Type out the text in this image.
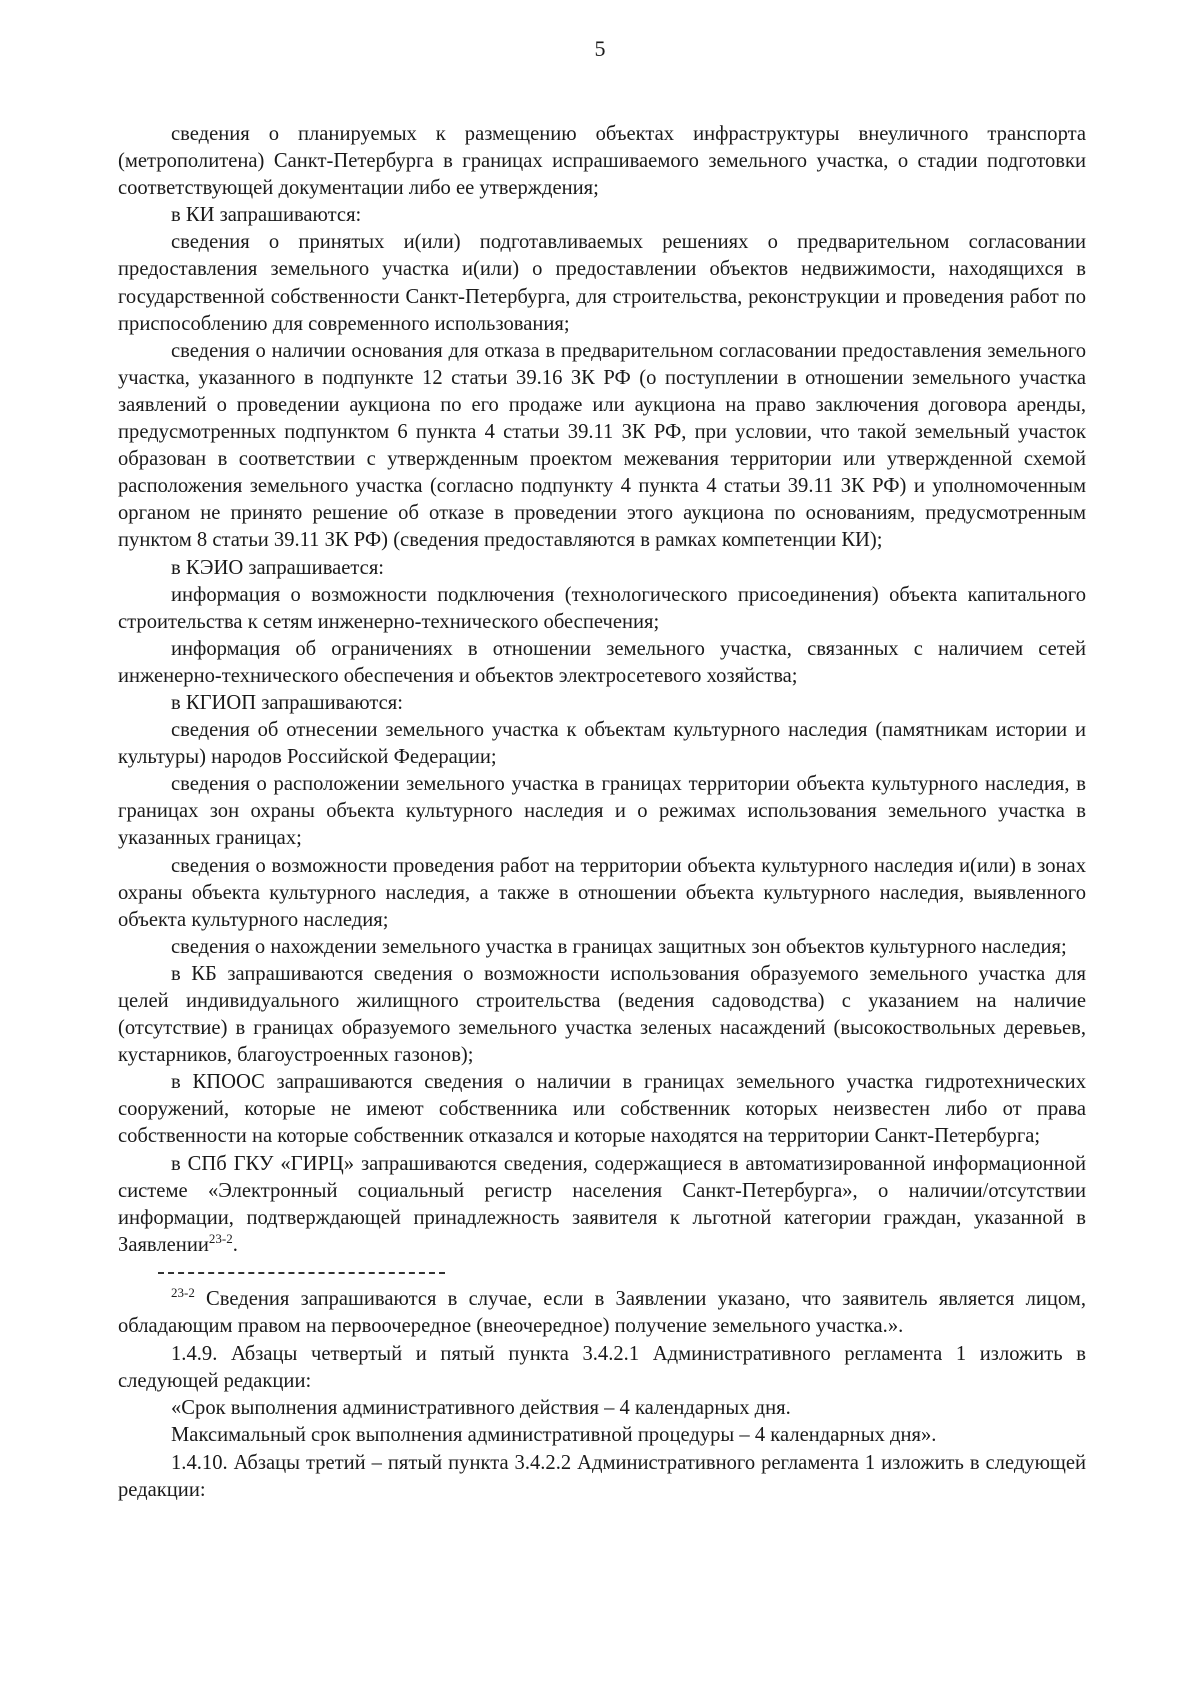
5

сведения о планируемых к размещению объектах инфраструктуры внеуличного транспорта (метрополитена) Санкт-Петербурга в границах испрашиваемого земельного участка, о стадии подготовки соответствующей документации либо ее утверждения;

в КИ запрашиваются:

сведения о принятых и(или) подготавливаемых решениях о предварительном согласовании предоставления земельного участка и(или) о предоставлении объектов недвижимости, находящихся в государственной собственности Санкт-Петербурга, для строительства, реконструкции и проведения работ по приспособлению для современного использования;

сведения о наличии основания для отказа в предварительном согласовании предоставления земельного участка, указанного в подпункте 12 статьи 39.16 ЗК РФ (о поступлении в отношении земельного участка заявлений о проведении аукциона по его продаже или аукциона на право заключения договора аренды, предусмотренных подпунктом 6 пункта 4 статьи 39.11 ЗК РФ, при условии, что такой земельный участок образован в соответствии с утвержденным проектом межевания территории или утвержденной схемой расположения земельного участка (согласно подпункту 4 пункта 4 статьи 39.11 ЗК РФ) и уполномоченным органом не принято решение об отказе в проведении этого аукциона по основаниям, предусмотренным пунктом 8 статьи 39.11 ЗК РФ) (сведения предоставляются в рамках компетенции КИ);

в КЭИО запрашивается:

информация о возможности подключения (технологического присоединения) объекта капитального строительства к сетям инженерно-технического обеспечения;

информация об ограничениях в отношении земельного участка, связанных с наличием сетей инженерно-технического обеспечения и объектов электросетевого хозяйства;

в КГИОП запрашиваются:

сведения об отнесении земельного участка к объектам культурного наследия (памятникам истории и культуры) народов Российской Федерации;

сведения о расположении земельного участка в границах территории объекта культурного наследия, в границах зон охраны объекта культурного наследия и о режимах использования земельного участка в указанных границах;

сведения о возможности проведения работ на территории объекта культурного наследия и(или) в зонах охраны объекта культурного наследия, а также в отношении объекта культурного наследия, выявленного объекта культурного наследия;

сведения о нахождении земельного участка в границах защитных зон объектов культурного наследия;

в КБ запрашиваются сведения о возможности использования образуемого земельного участка для целей индивидуального жилищного строительства (ведения садоводства) с указанием на наличие (отсутствие) в границах образуемого земельного участка зеленых насаждений (высокоствольных деревьев, кустарников, благоустроенных газонов);

в КПООС запрашиваются сведения о наличии в границах земельного участка гидротехнических сооружений, которые не имеют собственника или собственник которых неизвестен либо от права собственности на которые собственник отказался и которые находятся на территории Санкт-Петербурга;

в СПб ГКУ «ГИРЦ» запрашиваются сведения, содержащиеся в автоматизированной информационной системе «Электронный социальный регистр населения Санкт-Петербурга», о наличии/отсутствии информации, подтверждающей принадлежность заявителя к льготной категории граждан, указанной в Заявлении$^{23-2}$.

$^{23-2}$ Сведения запрашиваются в случае, если в Заявлении указано, что заявитель является лицом, обладающим правом на первоочередное (внеочередное) получение земельного участка.».

1.4.9. Абзацы четвертый и пятый пункта 3.4.2.1 Административного регламента 1 изложить в следующей редакции:

«Срок выполнения административного действия – 4 календарных дня.

Максимальный срок выполнения административной процедуры – 4 календарных дня».

1.4.10. Абзацы третий – пятый пункта 3.4.2.2 Административного регламента 1 изложить в следующей редакции:
